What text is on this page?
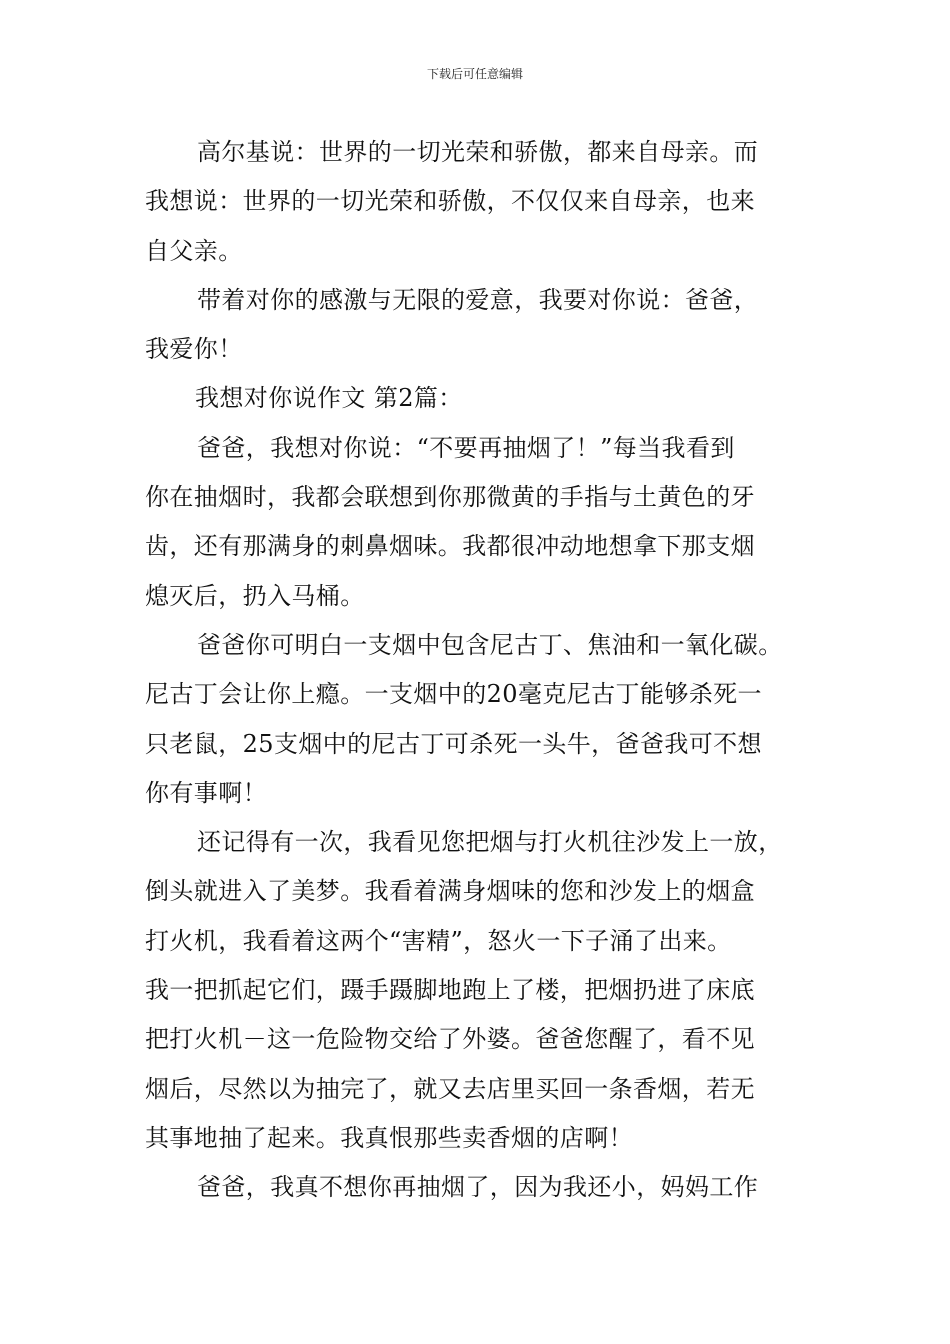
下载后可任意编辑
高尔基说：世界的一切光荣和骄傲，都来自母亲。而
我想说：世界的一切光荣和骄傲，不仅仅来自母亲，也来
自父亲。
带着对你的感激与无限的爱意，我要对你说：爸爸，
我爱你！
我想对你说作文 第2篇：
爸爸，我想对你说：“不要再抽烟了！”每当我看到
你在抽烟时，我都会联想到你那微黄的手指与土黄色的牙
齿，还有那满身的刺鼻烟味。我都很冲动地想拿下那支烟
熄灭后，扔入马桶。
爸爸你可明白一支烟中包含尼古丁、焦油和一氧化碳。
尼古丁会让你上瘾。一支烟中的20毫克尼古丁能够杀死一
只老鼠，25支烟中的尼古丁可杀死一头牛，爸爸我可不想
你有事啊！
还记得有一次，我看见您把烟与打火机往沙发上一放，
倒头就进入了美梦。我看着满身烟味的您和沙发上的烟盒
打火机，我看着这两个“害精”，怒火一下子涌了出来。
我一把抓起它们，蹑手蹑脚地跑上了楼，把烟扔进了床底
把打火机－这一危险物交给了外婆。爸爸您醒了，看不见
烟后，尽然以为抽完了，就又去店里买回一条香烟，若无
其事地抽了起来。我真恨那些卖香烟的店啊！
爸爸，我真不想你再抽烟了，因为我还小，妈妈工作
